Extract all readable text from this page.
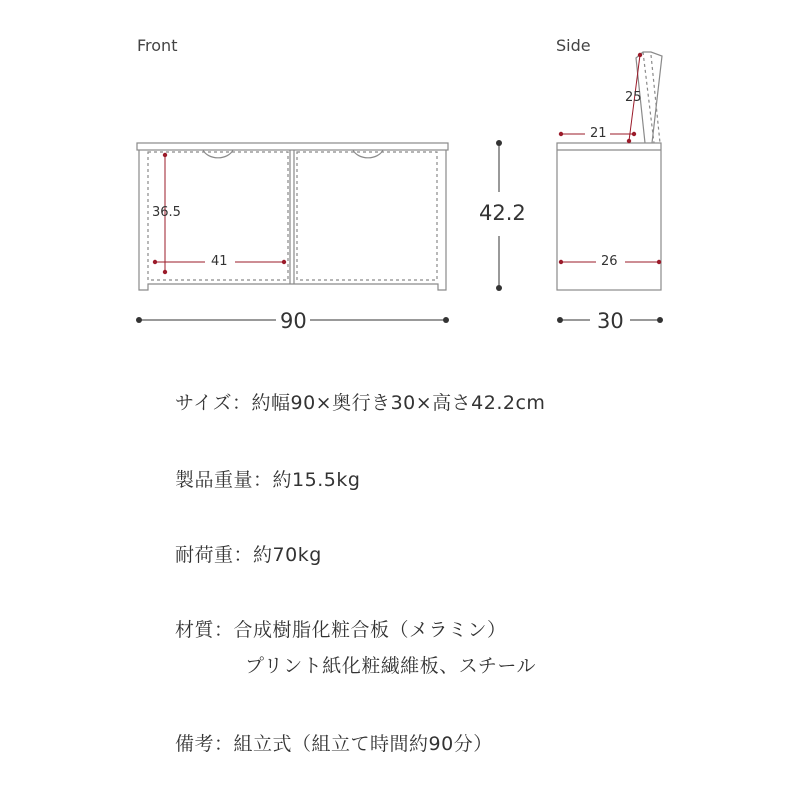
Front	Side
90	30
42.2
36.5
41
21
25
26
サイズ：約幅90×奥行き30×高さ42.2cm
製品重量：約15.5kg
耐荷重：約70kg
材質：合成樹脂化粧合板（メラミン）
プリント紙化粧繊維板、スチール
備考：組立式（組立て時間約90分）
